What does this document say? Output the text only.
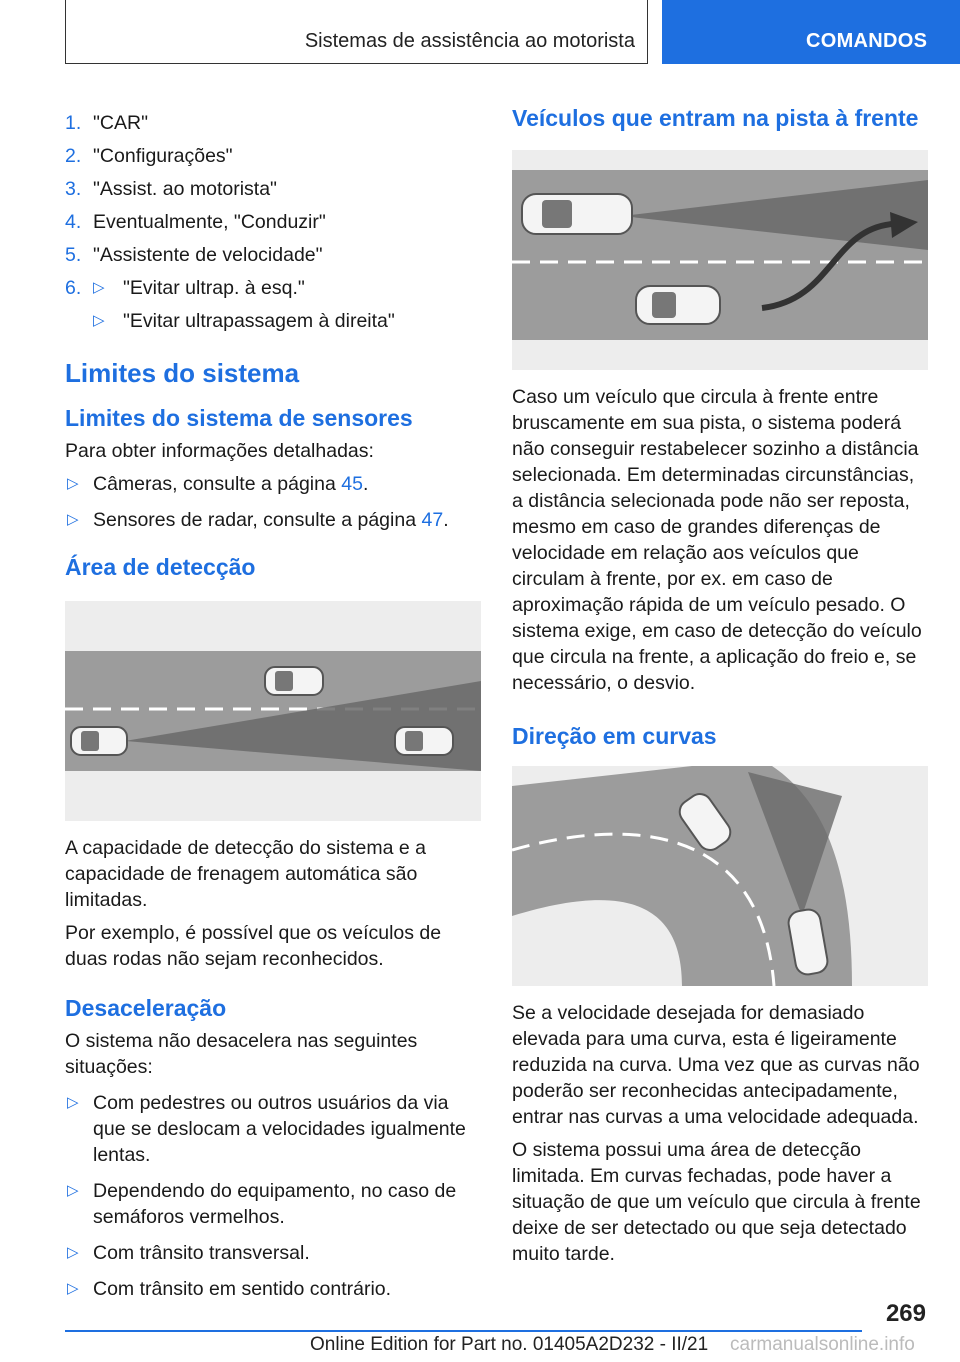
Sistemas de assistência ao motorista	COMANDOS
1. "CAR"
2. "Configurações"
3. "Assist. ao motorista"
4. Eventualmente, "Conduzir"
5. "Assistente de velocidade"
6. ▷ "Evitar ultrap. à esq."
▷ "Evitar ultrapassagem à direita"
Limites do sistema
Limites do sistema de sensores

Para obter informações detalhadas:

▷ Câmeras, consulte a página 45.
▷ Sensores de radar, consulte a página 47.
Área de detecção

A capacidade de detecção do sistema e a capacidade de frenagem automática são limitadas.

Por exemplo, é possível que os veículos de duas rodas não sejam reconhecidos.

Desaceleração

O sistema não desacelera nas seguintes situações:

▷ Com pedestres ou outros usuários da via que se deslocam a velocidades igualmente lentas.
▷ Dependendo do equipamento, no caso de semáforos vermelhos.
▷ Com trânsito transversal.
▷ Com trânsito em sentido contrário.
Veículos que entram na pista à frente

Caso um veículo que circula à frente entre bruscamente em sua pista, o sistema poderá não conseguir restabelecer sozinho a distância selecionada. Em determinadas circunstâncias, a distância selecionada pode não ser reposta, mesmo em caso de grandes diferenças de velocidade em relação aos veículos que circulam à frente, por ex. em caso de aproximação rápida de um veículo pesado. O sistema exige, em caso de detecção do veículo que circula na frente, a aplicação do freio e, se necessário, o desvio.

Direção em curvas

Se a velocidade desejada for demasiado elevada para uma curva, esta é ligeiramente reduzida na curva. Uma vez que as curvas não poderão ser reconhecidas antecipadamente, entrar nas curvas a uma velocidade adequada.

O sistema possui uma área de detecção limitada. Em curvas fechadas, pode haver a situação de que um veículo que circula à frente deixe de ser detectado ou que seja detectado muito tarde.

269
Online Edition for Part no. 01405A2D232 - II/21 carmanualsonline.info
